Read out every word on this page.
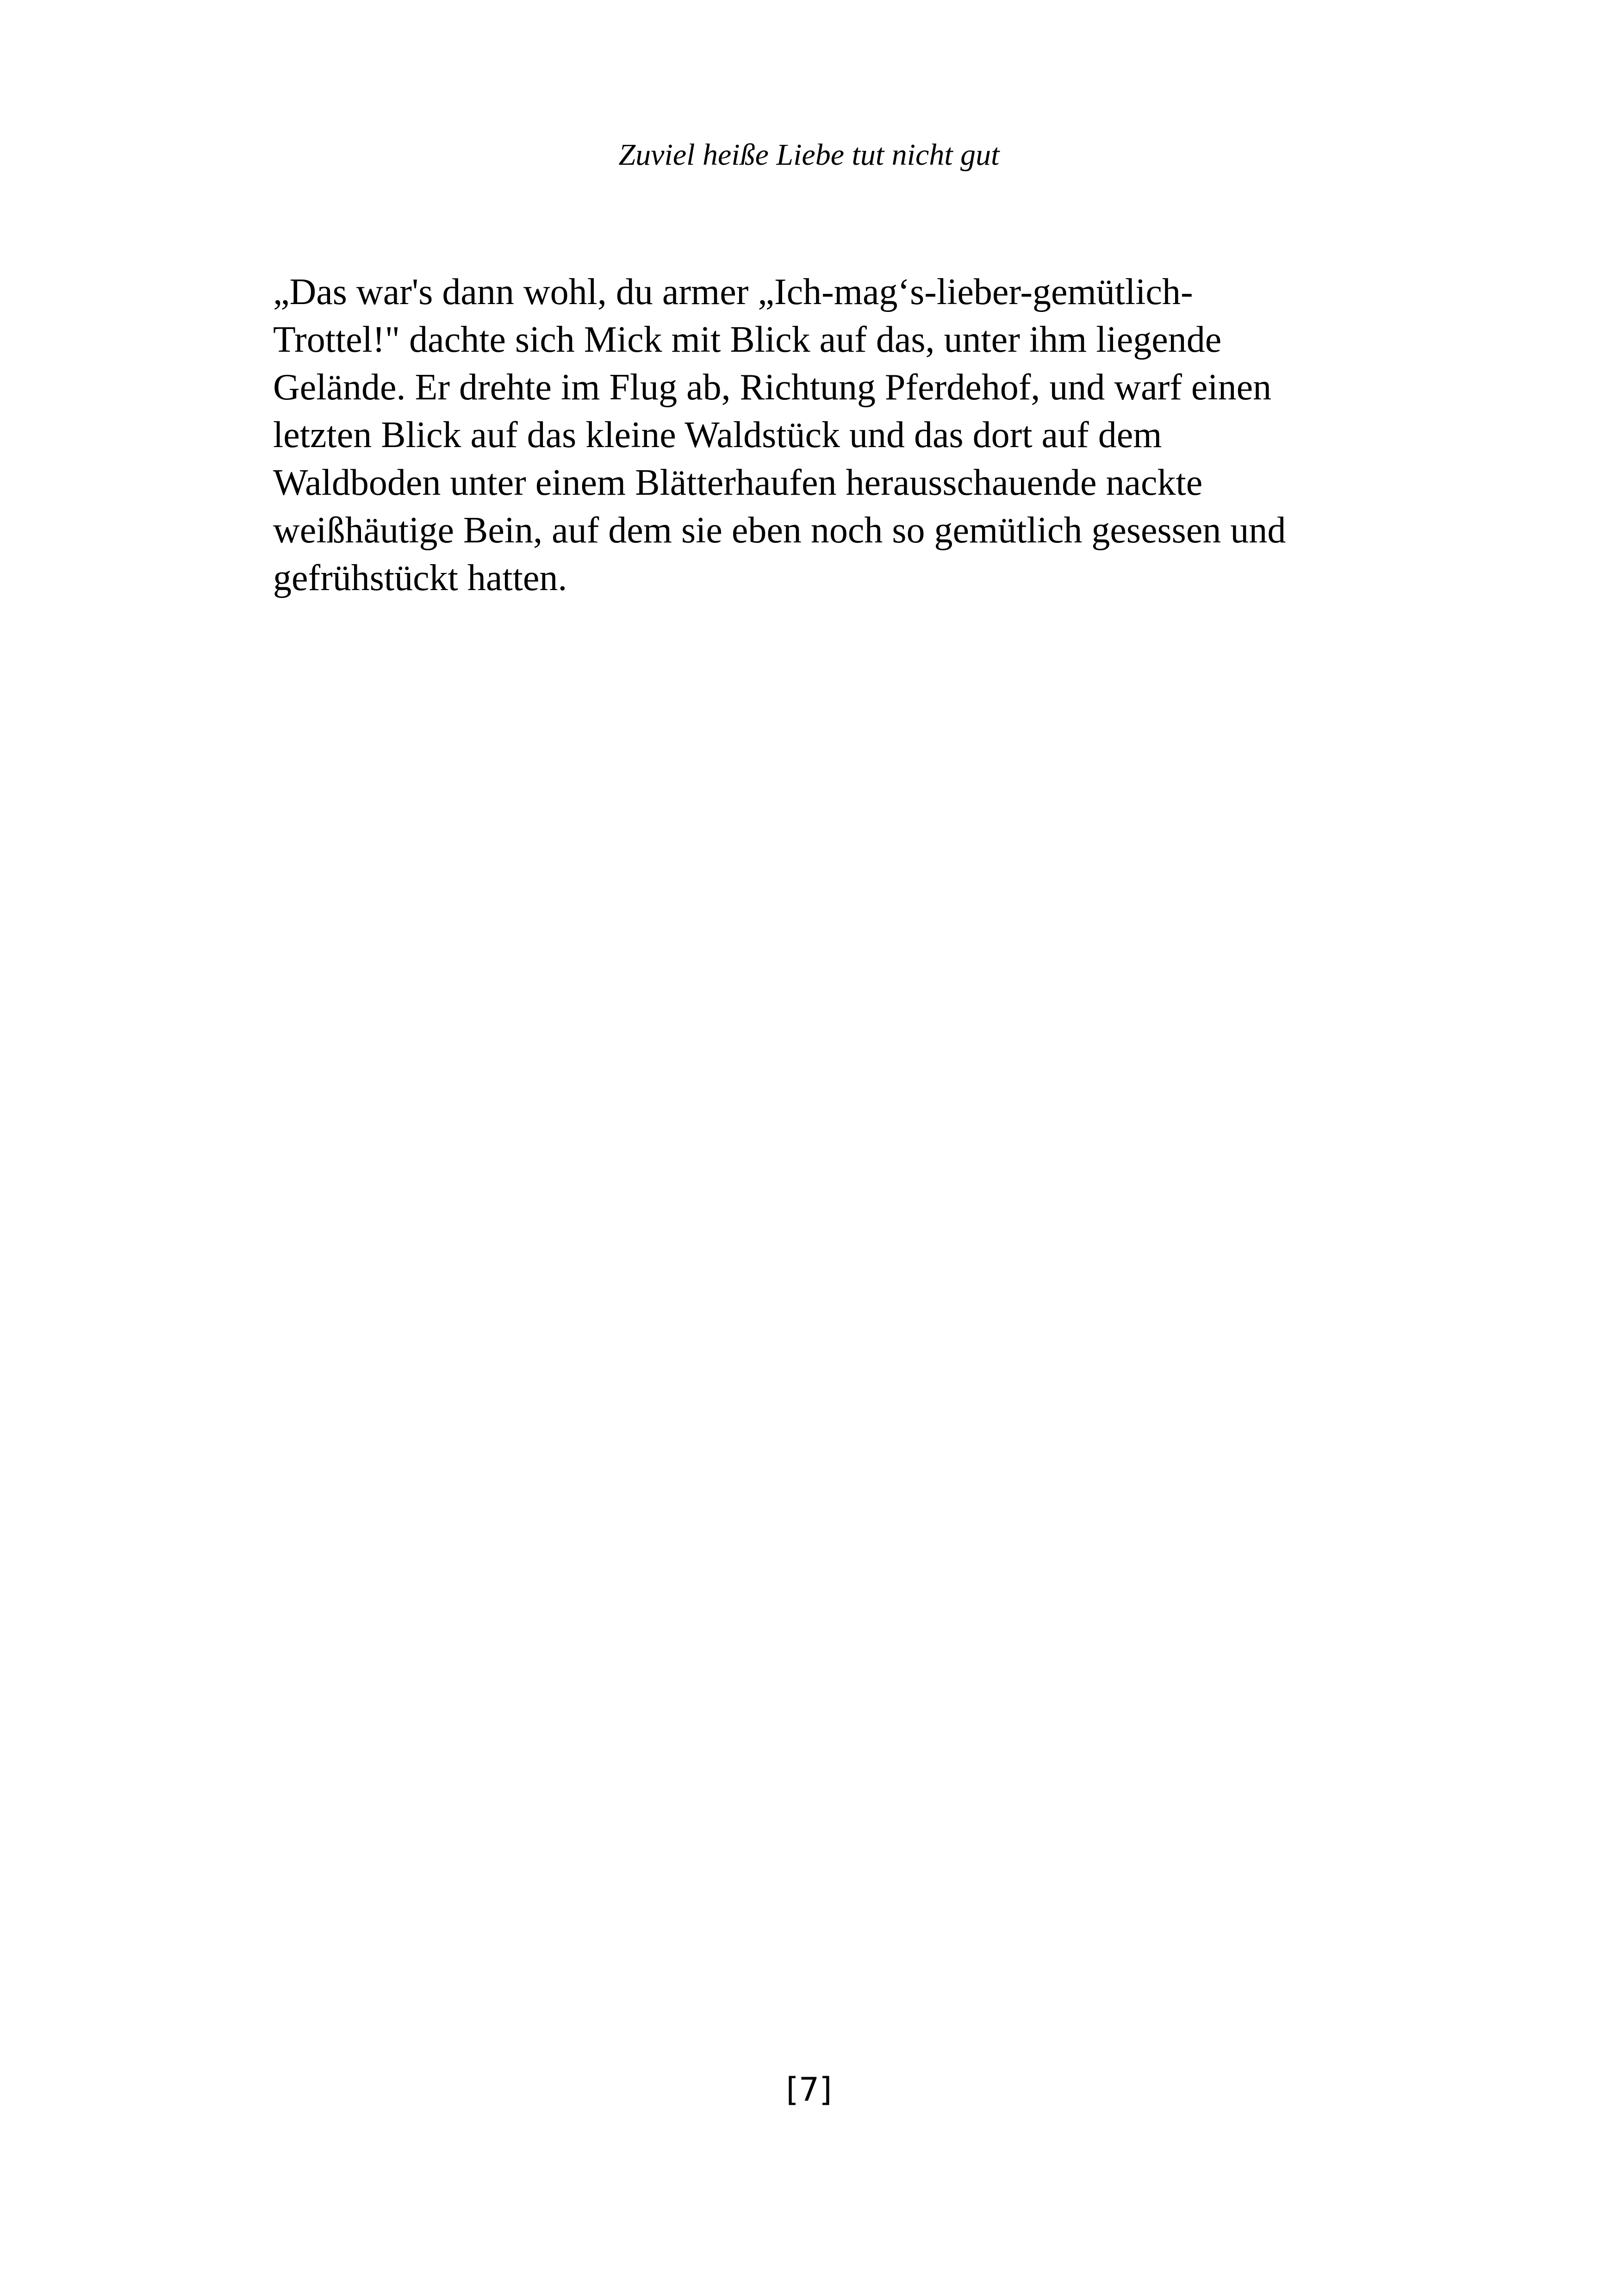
Zuviel heiße Liebe tut nicht gut

„Das war's dann wohl, du armer „Ich-mag‘s-lieber-gemütlich-
Trottel!" dachte sich Mick mit Blick auf das, unter ihm liegende
Gelände. Er drehte im Flug ab, Richtung Pferdehof, und warf einen
letzten Blick auf das kleine Waldstück und das dort auf dem
Waldboden unter einem Blätterhaufen herausschauende nackte
weißhäutige Bein, auf dem sie eben noch so gemütlich gesessen und
gefrühstückt hatten.

[7]
